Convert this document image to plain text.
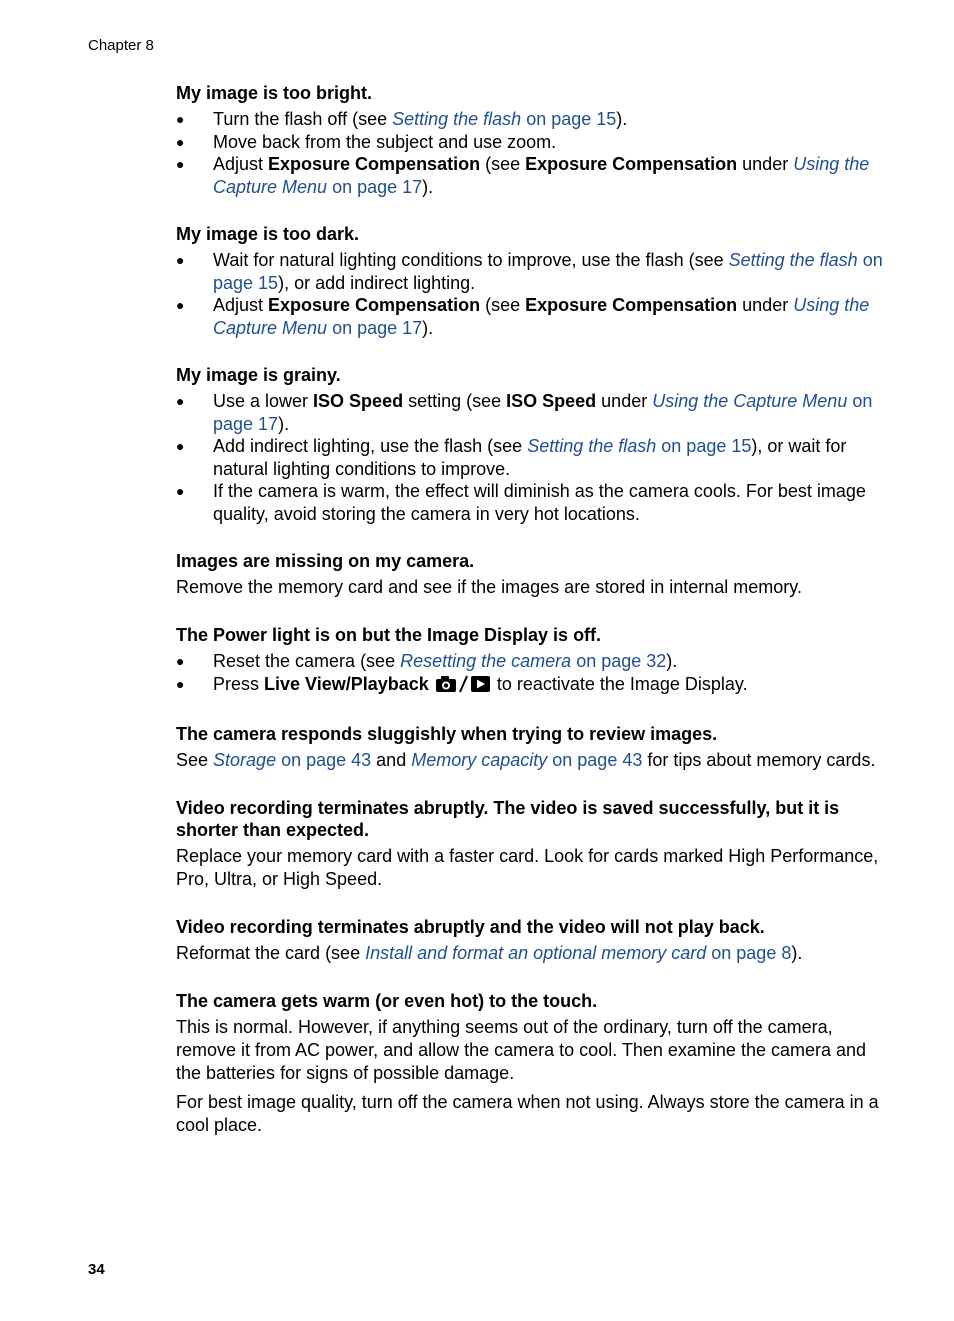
Chapter 8
My image is too bright.
● Turn the flash off (see Setting the flash on page 15).
● Move back from the subject and use zoom.
● Adjust Exposure Compensation (see Exposure Compensation under Using the Capture Menu on page 17).
My image is too dark.
● Wait for natural lighting conditions to improve, use the flash (see Setting the flash on page 15), or add indirect lighting.
● Adjust Exposure Compensation (see Exposure Compensation under Using the Capture Menu on page 17).
My image is grainy.
● Use a lower ISO Speed setting (see ISO Speed under Using the Capture Menu on page 17).
● Add indirect lighting, use the flash (see Setting the flash on page 15), or wait for natural lighting conditions to improve.
● If the camera is warm, the effect will diminish as the camera cools. For best image quality, avoid storing the camera in very hot locations.
Images are missing on my camera.

Remove the memory card and see if the images are stored in internal memory.

The Power light is on but the Image Display is off.
● Reset the camera (see Resetting the camera on page 32).
● Press Live View/Playback	to reactivate the Image Display.
The camera responds sluggishly when trying to review images.

See Storage on page 43 and Memory capacity on page 43 for tips about memory cards.

Video recording terminates abruptly. The video is saved successfully, but it is shorter than expected.

Replace your memory card with a faster card. Look for cards marked High Performance, Pro, Ultra, or High Speed.

Video recording terminates abruptly and the video will not play back.

Reformat the card (see Install and format an optional memory card on page 8).

The camera gets warm (or even hot) to the touch.

This is normal. However, if anything seems out of the ordinary, turn off the camera, remove it from AC power, and allow the camera to cool. Then examine the camera and the batteries for signs of possible damage.

For best image quality, turn off the camera when not using. Always store the camera in a cool place.

34
